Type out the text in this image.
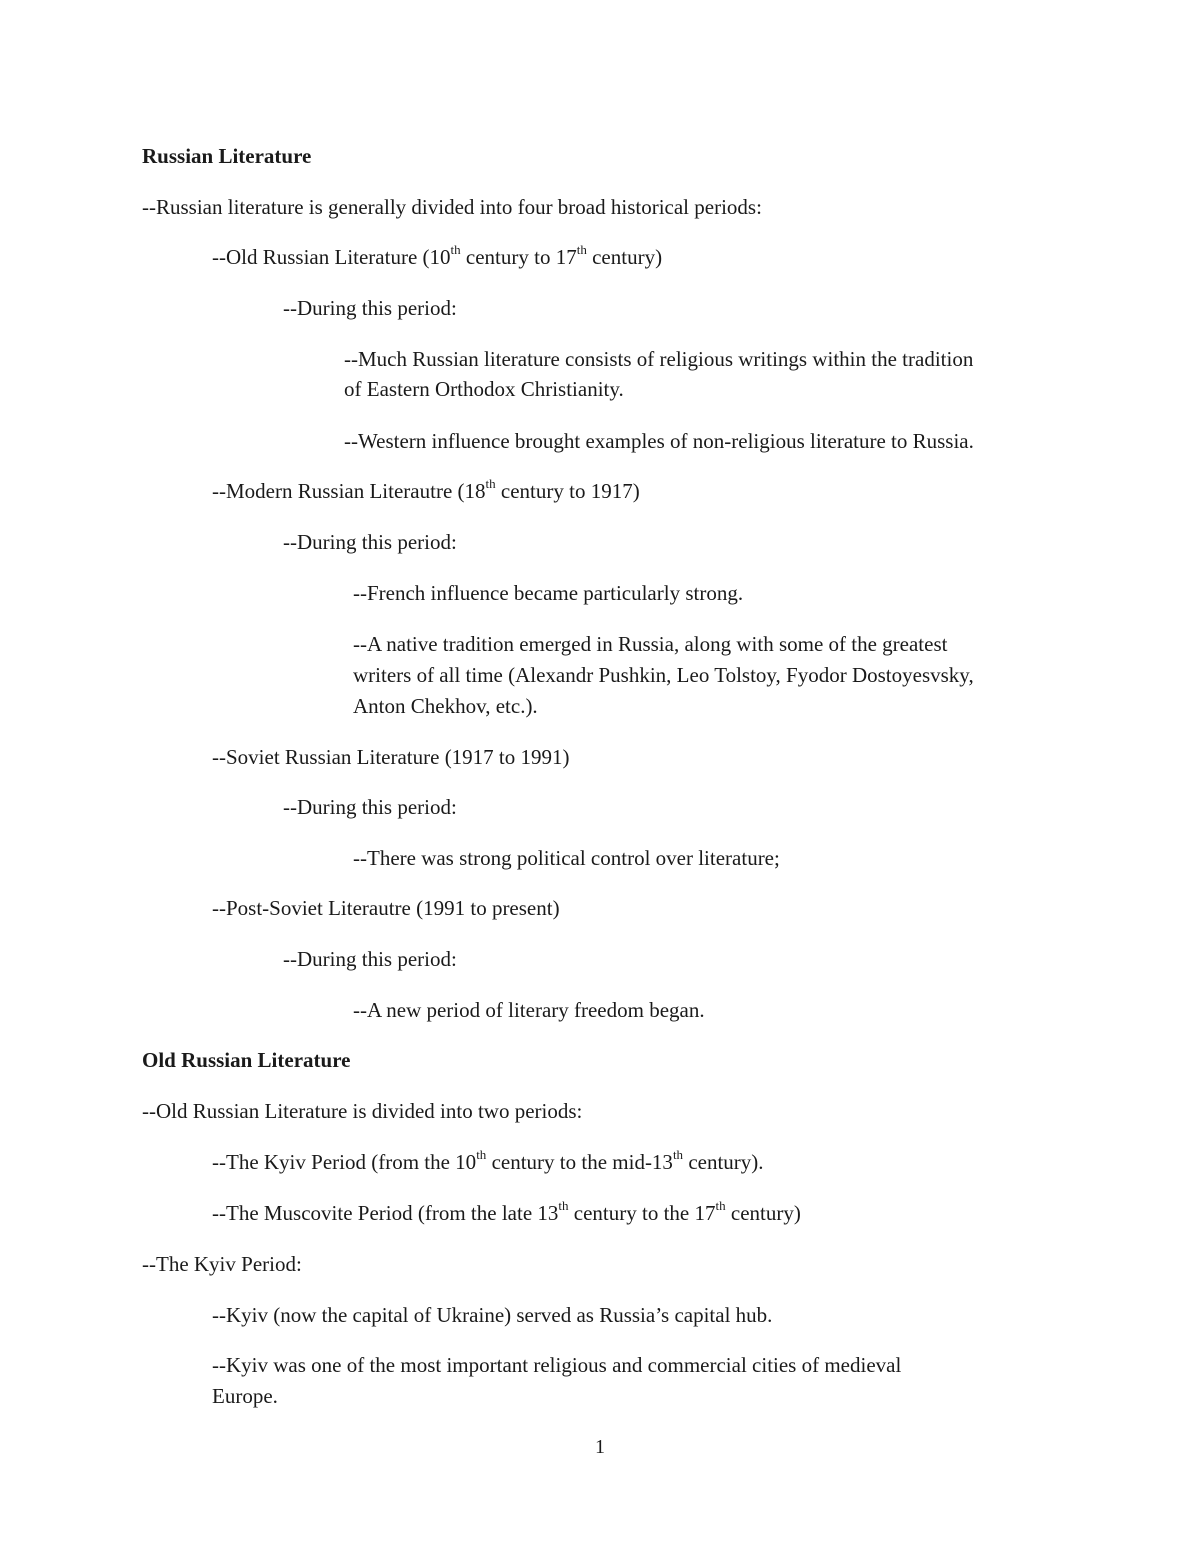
Russian Literature
--Russian literature is generally divided into four broad historical periods:
--Old Russian Literature (10th century to 17th century)
--During this period:
--Much Russian literature consists of religious writings within the tradition
of Eastern Orthodox Christianity.
--Western influence brought examples of non-religious literature to Russia.
--Modern Russian Literautre (18th century to 1917)
--During this period:
--French influence became particularly strong.
--A native tradition emerged in Russia, along with some of the greatest
writers of all time (Alexandr Pushkin, Leo Tolstoy, Fyodor Dostoyesvsky,
Anton Chekhov, etc.).
--Soviet Russian Literature (1917 to 1991)
--During this period:
--There was strong political control over literature;
--Post-Soviet Literautre (1991 to present)
--During this period:
--A new period of literary freedom began.
Old Russian Literature
--Old Russian Literature is divided into two periods:
--The Kyiv Period (from the 10th century to the mid-13th century).
--The Muscovite Period (from the late 13th century to the 17th century)
--The Kyiv Period:
--Kyiv (now the capital of Ukraine) served as Russia’s capital hub.
--Kyiv was one of the most important religious and commercial cities of medieval
Europe.
1
